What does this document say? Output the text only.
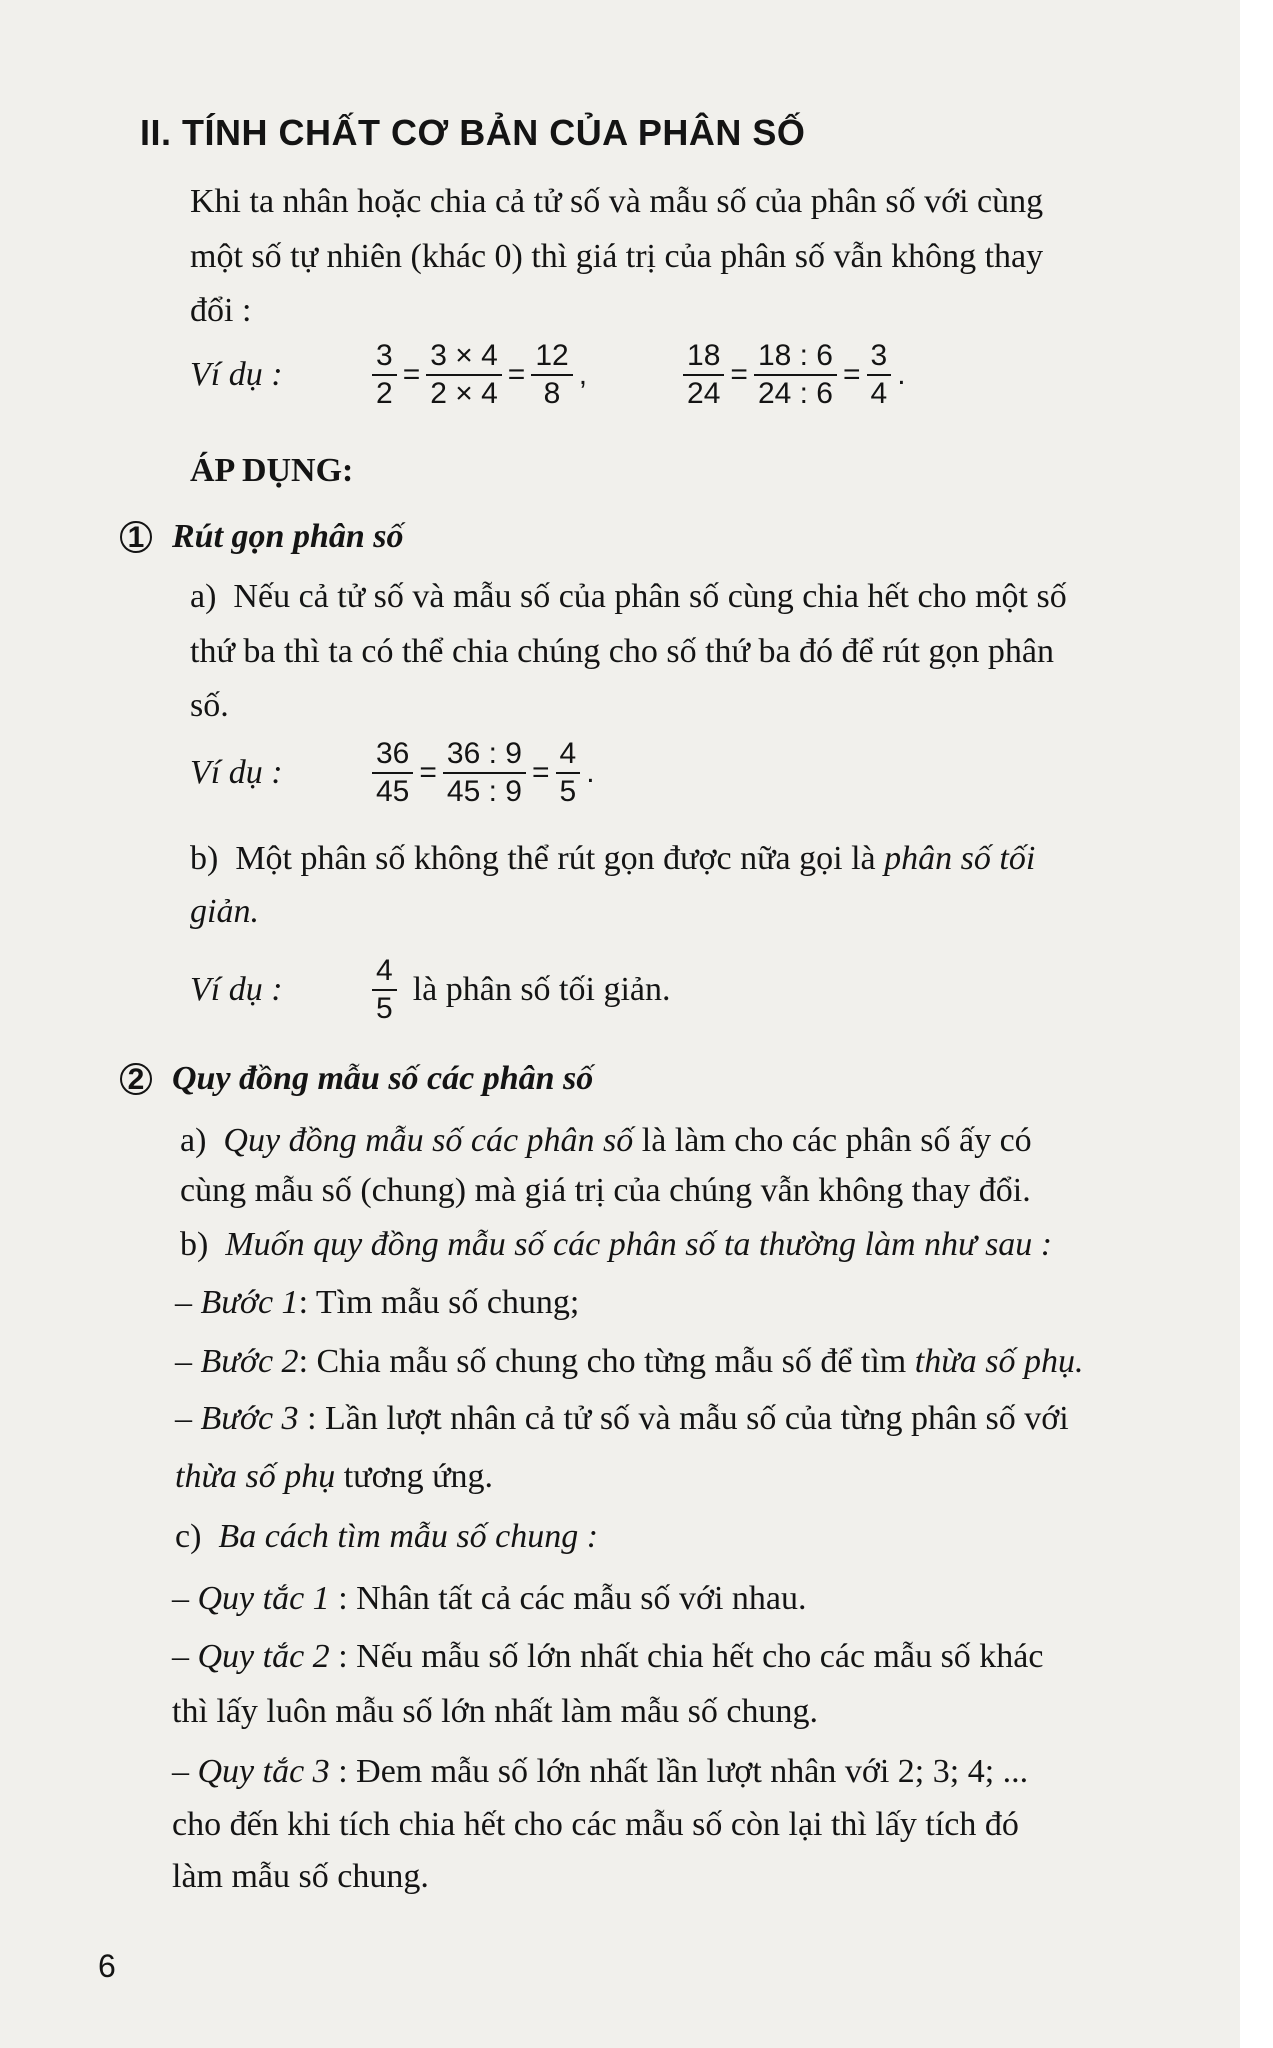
II. TÍNH CHẤT CƠ BẢN CỦA PHÂN SỐ
Khi ta nhân hoặc chia cả tử số và mẫu số của phân số với cùng
một số tự nhiên (khác 0) thì giá trị của phân số vẫn không thay
đổi :
Ví dụ :	$\frac{3}{2} = \frac{3 \times 4}{2 \times 4} = \frac{12}{8}$ ,	$\frac{18}{24} = \frac{18 : 6}{24 : 6} = \frac{3}{4}$ .
ÁP DỤNG:
1 Rút gọn phân số
a) Nếu cả tử số và mẫu số của phân số cùng chia hết cho một số
thứ ba thì ta có thể chia chúng cho số thứ ba đó để rút gọn phân
số.
Ví dụ :	$\frac{36}{45} = \frac{36 : 9}{45 : 9} = \frac{4}{5}$ .
b) Một phân số không thể rút gọn được nữa gọi là phân số tối
giản.
Ví dụ :	$\frac{4}{5}$ là phân số tối giản.
2 Quy đồng mẫu số các phân số
a) Quy đồng mẫu số các phân số là làm cho các phân số ấy có
cùng mẫu số (chung) mà giá trị của chúng vẫn không thay đổi.
b) Muốn quy đồng mẫu số các phân số ta thường làm như sau :
– Bước 1: Tìm mẫu số chung;
– Bước 2: Chia mẫu số chung cho từng mẫu số để tìm thừa số phụ.
– Bước 3 : Lần lượt nhân cả tử số và mẫu số của từng phân số với
thừa số phụ tương ứng.
c) Ba cách tìm mẫu số chung :
– Quy tắc 1 : Nhân tất cả các mẫu số với nhau.
– Quy tắc 2 : Nếu mẫu số lớn nhất chia hết cho các mẫu số khác
thì lấy luôn mẫu số lớn nhất làm mẫu số chung.
– Quy tắc 3 : Đem mẫu số lớn nhất lần lượt nhân với 2; 3; 4; ...
cho đến khi tích chia hết cho các mẫu số còn lại thì lấy tích đó
làm mẫu số chung.
6
